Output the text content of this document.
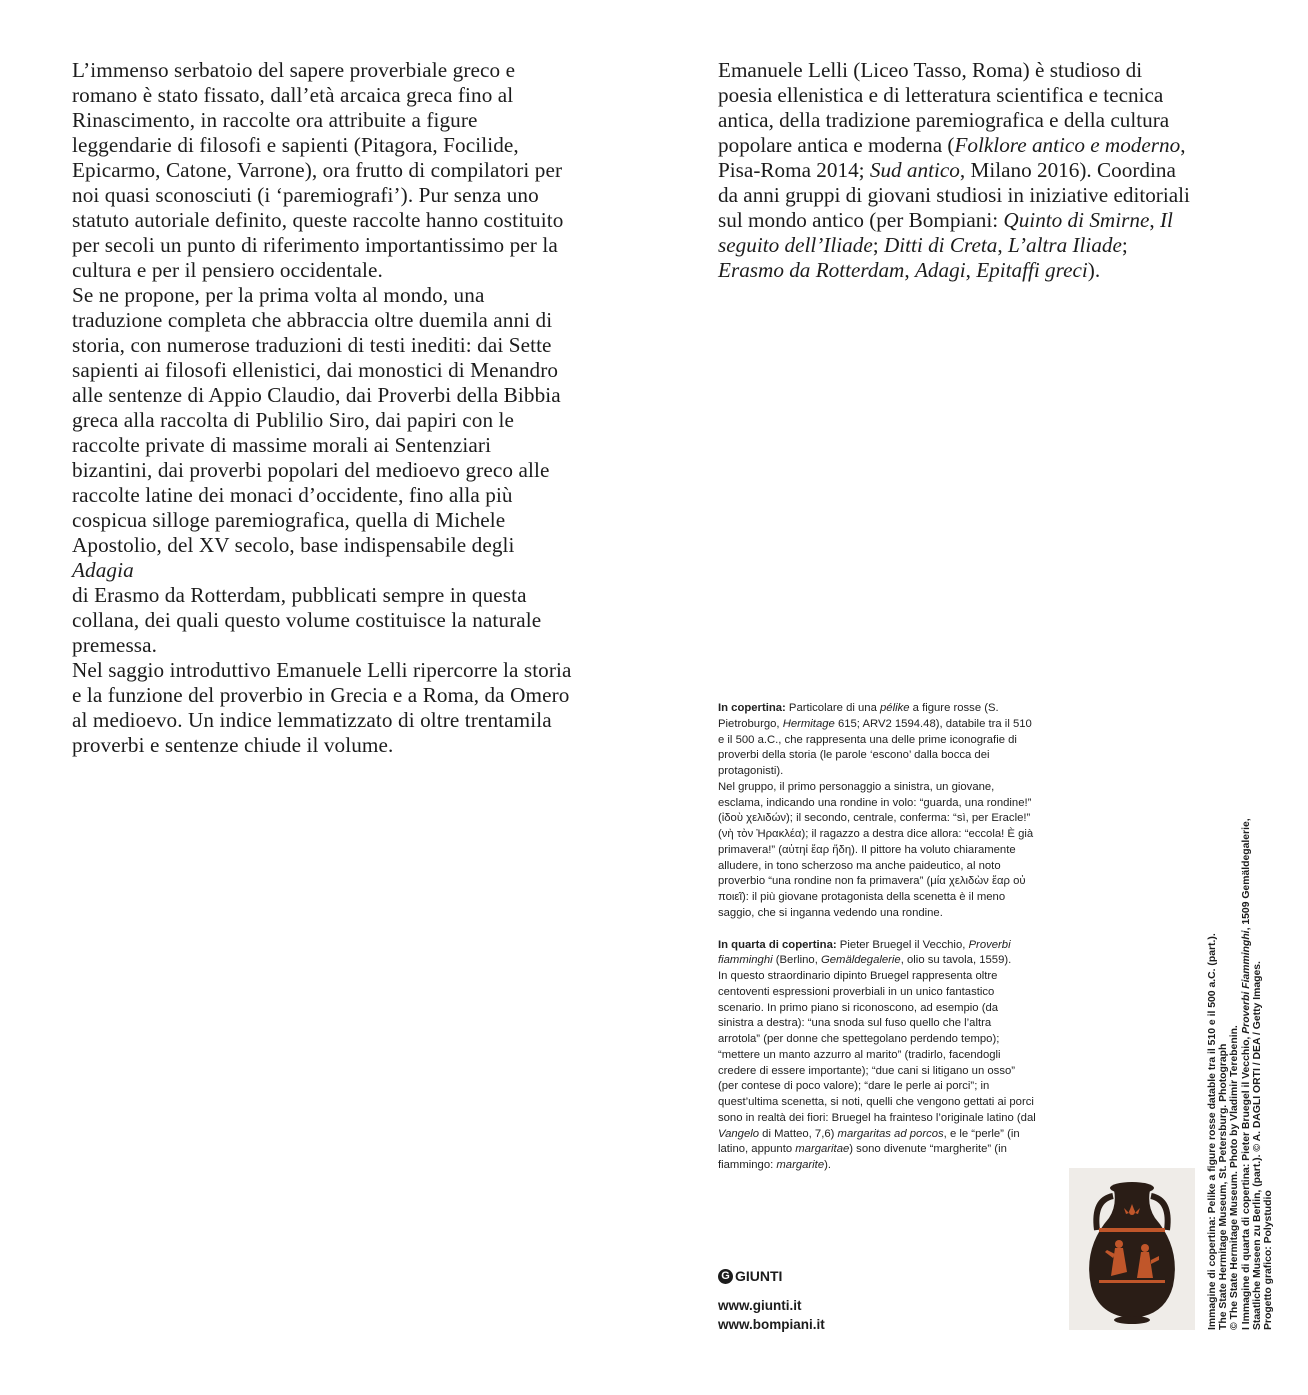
L’immenso serbatoio del sapere proverbiale greco e romano è stato fissato, dall’età arcaica greca fino al Rinascimento, in raccolte ora attribuite a figure leggendarie di filosofi e sapienti (Pitagora, Focilide, Epicarmo, Catone, Varrone), ora frutto di compilatori per noi quasi sconosciuti (i ‘paremiografi’). Pur senza uno statuto autoriale definito, queste raccolte hanno costituito per secoli un punto di riferimento importantissimo per la cultura e per il pensiero occidentale.

Se ne propone, per la prima volta al mondo, una traduzione completa che abbraccia oltre duemila anni di storia, con numerose traduzioni di testi inediti: dai Sette sapienti ai filosofi ellenistici, dai monostici di Menandro alle sentenze di Appio Claudio, dai Proverbi della Bibbia greca alla raccolta di Publilio Siro, dai papiri con le raccolte private di massime morali ai Sentenziari bizantini, dai proverbi popolari del medioevo greco alle raccolte latine dei monaci d’occidente, fino alla più cospicua silloge paremiografica, quella di Michele Apostolio, del XV secolo, base indispensabile degli Adagia
di Erasmo da Rotterdam, pubblicati sempre in questa collana, dei quali questo volume costituisce la naturale premessa.

Nel saggio introduttivo Emanuele Lelli ripercorre la storia e la funzione del proverbio in Grecia e a Roma, da Omero al medioevo. Un indice lemmatizzato di oltre trentamila proverbi e sentenze chiude il volume.

Emanuele Lelli (Liceo Tasso, Roma) è studioso di poesia ellenistica e di letteratura scientifica e tecnica antica, della tradizione paremiografica e della cultura popolare antica e moderna (Folklore antico e moderno, Pisa-Roma 2014; Sud antico, Milano 2016). Coordina da anni gruppi di giovani studiosi in iniziative editoriali sul mondo antico (per Bompiani: Quinto di Smirne, Il seguito dell’Iliade; Ditti di Creta, L’altra Iliade; Erasmo da Rotterdam, Adagi, Epitaffi greci).

In copertina: Particolare di una pélike a figure rosse (S. Pietroburgo, Hermitage 615; ARV2 1594.48), databile tra il 510 e il 500 a.C., che rappresenta una delle prime iconografie di proverbi della storia (le parole ‘escono’ dalla bocca dei protagonisti).

Nel gruppo, il primo personaggio a sinistra, un giovane, esclama, indicando una rondine in volo: “guarda, una rondine!” (ἰδοὺ χελιδών); il secondo, centrale, conferma: “sì, per Eracle!” (νὴ τὸν Ἡρακλέα); il ragazzo a destra dice allora: “eccola! È già primavera!” (αὑτηἰ ἔαρ ἤδη). Il pittore ha voluto chiaramente alludere, in tono scherzoso ma anche paideutico, al noto proverbio “una rondine non fa primavera” (μία χελιδὼν ἔαρ οὐ ποιεῖ): il più giovane protagonista della scenetta è il meno saggio, che si inganna vedendo una rondine.

In quarta di copertina: Pieter Bruegel il Vecchio, Proverbi fiamminghi (Berlino, Gemäldegalerie, olio su tavola, 1559).
In questo straordinario dipinto Bruegel rappresenta oltre centoventi espressioni proverbiali in un unico fantastico scenario. In primo piano si riconoscono, ad esempio (da sinistra a destra): “una snoda sul fuso quello che l’altra arrotola” (per donne che spettegolano perdendo tempo); “mettere un manto azzurro al marito” (tradirlo, facendogli credere di essere importante); “due cani si litigano un osso” (per contese di poco valore); “dare le perle ai porci”; in quest’ultima scenetta, si noti, quelli che vengono gettati ai porci sono in realtà dei fiori: Bruegel ha frainteso l’originale latino (dal Vangelo di Matteo, 7,6) margaritas ad porcos, e le “perle” (in latino, appunto margaritae) sono divenute “margherite” (in fiammingo: margarite).

G GIUNTI
www.giunti.it
www.bompiani.it	Immagine di copertina: Pelike a figure rosse datable tra il 510 e il 500 a.C. (part.). The State Hermitage Museum, St. Petersburg. Photograph © The State Hermitage Museum. Photo by Vladimir Terebenin. I Immagine di quarta di copertina: Pieter Bruegel il Vecchio, Proverbi Fiamminghi, 1509 Gemäldegalerie,

Staatliche Museen zu Berlin, (part.). © A. DAGLI ORTI / DEA / Getty Images. Progetto grafico: Polystudio
